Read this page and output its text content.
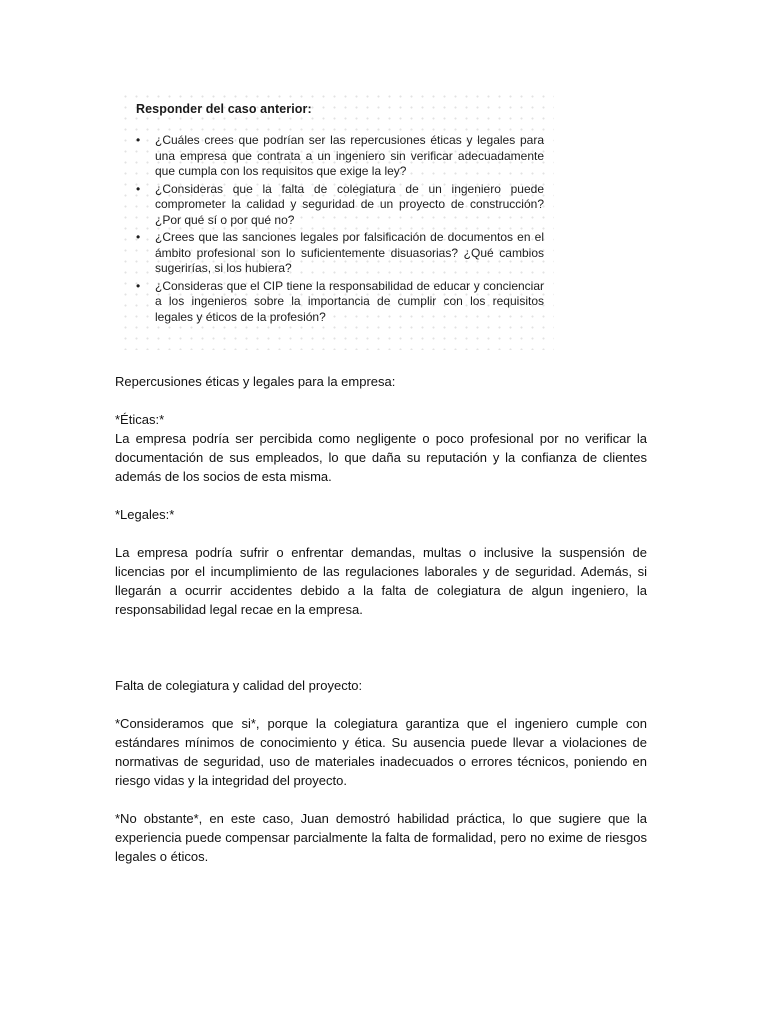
Responder del caso anterior:
• ¿Cuáles crees que podrían ser las repercusiones éticas y legales para una empresa que contrata a un ingeniero sin verificar adecuadamente que cumpla con los requisitos que exige la ley?
• ¿Consideras que la falta de colegiatura de un ingeniero puede comprometer la calidad y seguridad de un proyecto de construcción? ¿Por qué sí o por qué no?
• ¿Crees que las sanciones legales por falsificación de documentos en el ámbito profesional son lo suficientemente disuasorias? ¿Qué cambios sugerirías, si los hubiera?
• ¿Consideras que el CIP tiene la responsabilidad de educar y concienciar a los ingenieros sobre la importancia de cumplir con los requisitos legales y éticos de la profesión?

Repercusiones éticas y legales para la empresa:

*Éticas:*

La empresa podría ser percibida como negligente o poco profesional por no verificar la documentación de sus empleados, lo que daña su reputación y la confianza de clientes además de los socios de esta misma.

*Legales:*

La empresa podría sufrir o enfrentar demandas, multas o inclusive la suspensión de licencias por el incumplimiento de las regulaciones laborales y de seguridad. Además, si llegarán a ocurrir accidentes debido a la falta de colegiatura de algun ingeniero, la responsabilidad legal recae en la empresa.

Falta de colegiatura y calidad del proyecto:

*Consideramos que si*, porque la colegiatura garantiza que el ingeniero cumple con estándares mínimos de conocimiento y ética. Su ausencia puede llevar a violaciones de normativas de seguridad, uso de materiales inadecuados o errores técnicos, poniendo en riesgo vidas y la integridad del proyecto.

*No obstante*, en este caso, Juan demostró habilidad práctica, lo que sugiere que la experiencia puede compensar parcialmente la falta de formalidad, pero no exime de riesgos legales o éticos.
